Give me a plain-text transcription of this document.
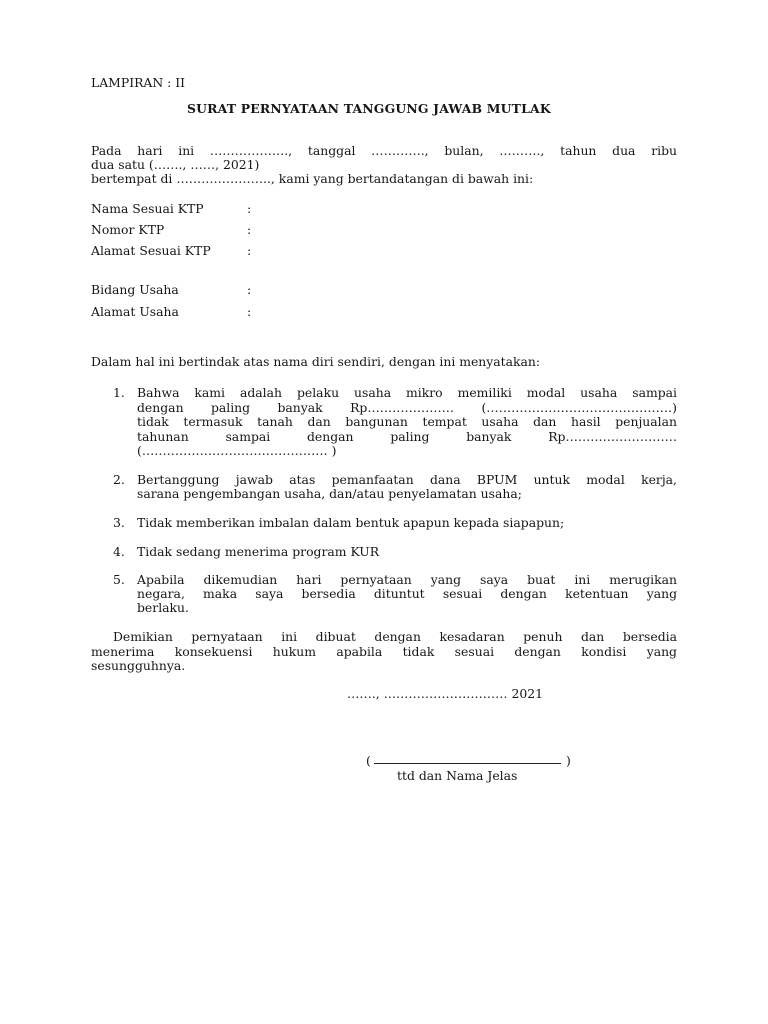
LAMPIRAN : II
SURAT PERNYATAAN TANGGUNG JAWAB MUTLAK
Pada hari ini ………………., tanggal …………., bulan, ………., tahun dua ribu
dua satu (……., ……, 2021)
bertempat di ………………….., kami yang bertandatangan di bawah ini:
Nama Sesuai KTP	:
Nomor KTP	:
Alamat Sesuai KTP	:
Bidang Usaha	:
Alamat Usaha	:
Dalam hal ini bertindak atas nama diri sendiri, dengan ini menyatakan:
1. Bahwa kami adalah pelaku usaha mikro memiliki modal usaha sampai
dengan paling banyak Rp………………… (………………………………………)
tidak termasuk tanah dan bangunan tempat usaha dan hasil penjualan
tahunan sampai dengan paling banyak Rp………………………
(……………………………………… )
2. Bertanggung jawab atas pemanfaatan dana BPUM untuk modal kerja,
sarana pengembangan usaha, dan/atau penyelamatan usaha;
3. Tidak memberikan imbalan dalam bentuk apapun kepada siapapun;
4. Tidak sedang menerima program KUR
5. Apabila dikemudian hari pernyataan yang saya buat ini merugikan
negara, maka saya bersedia dituntut sesuai dengan ketentuan yang
berlaku.
Demikian pernyataan ini dibuat dengan kesadaran penuh dan bersedia
menerima konsekuensi hukum apabila tidak sesuai dengan kondisi yang
sesungguhnya.
……., ………………………… 2021
(	)
ttd dan Nama Jelas
